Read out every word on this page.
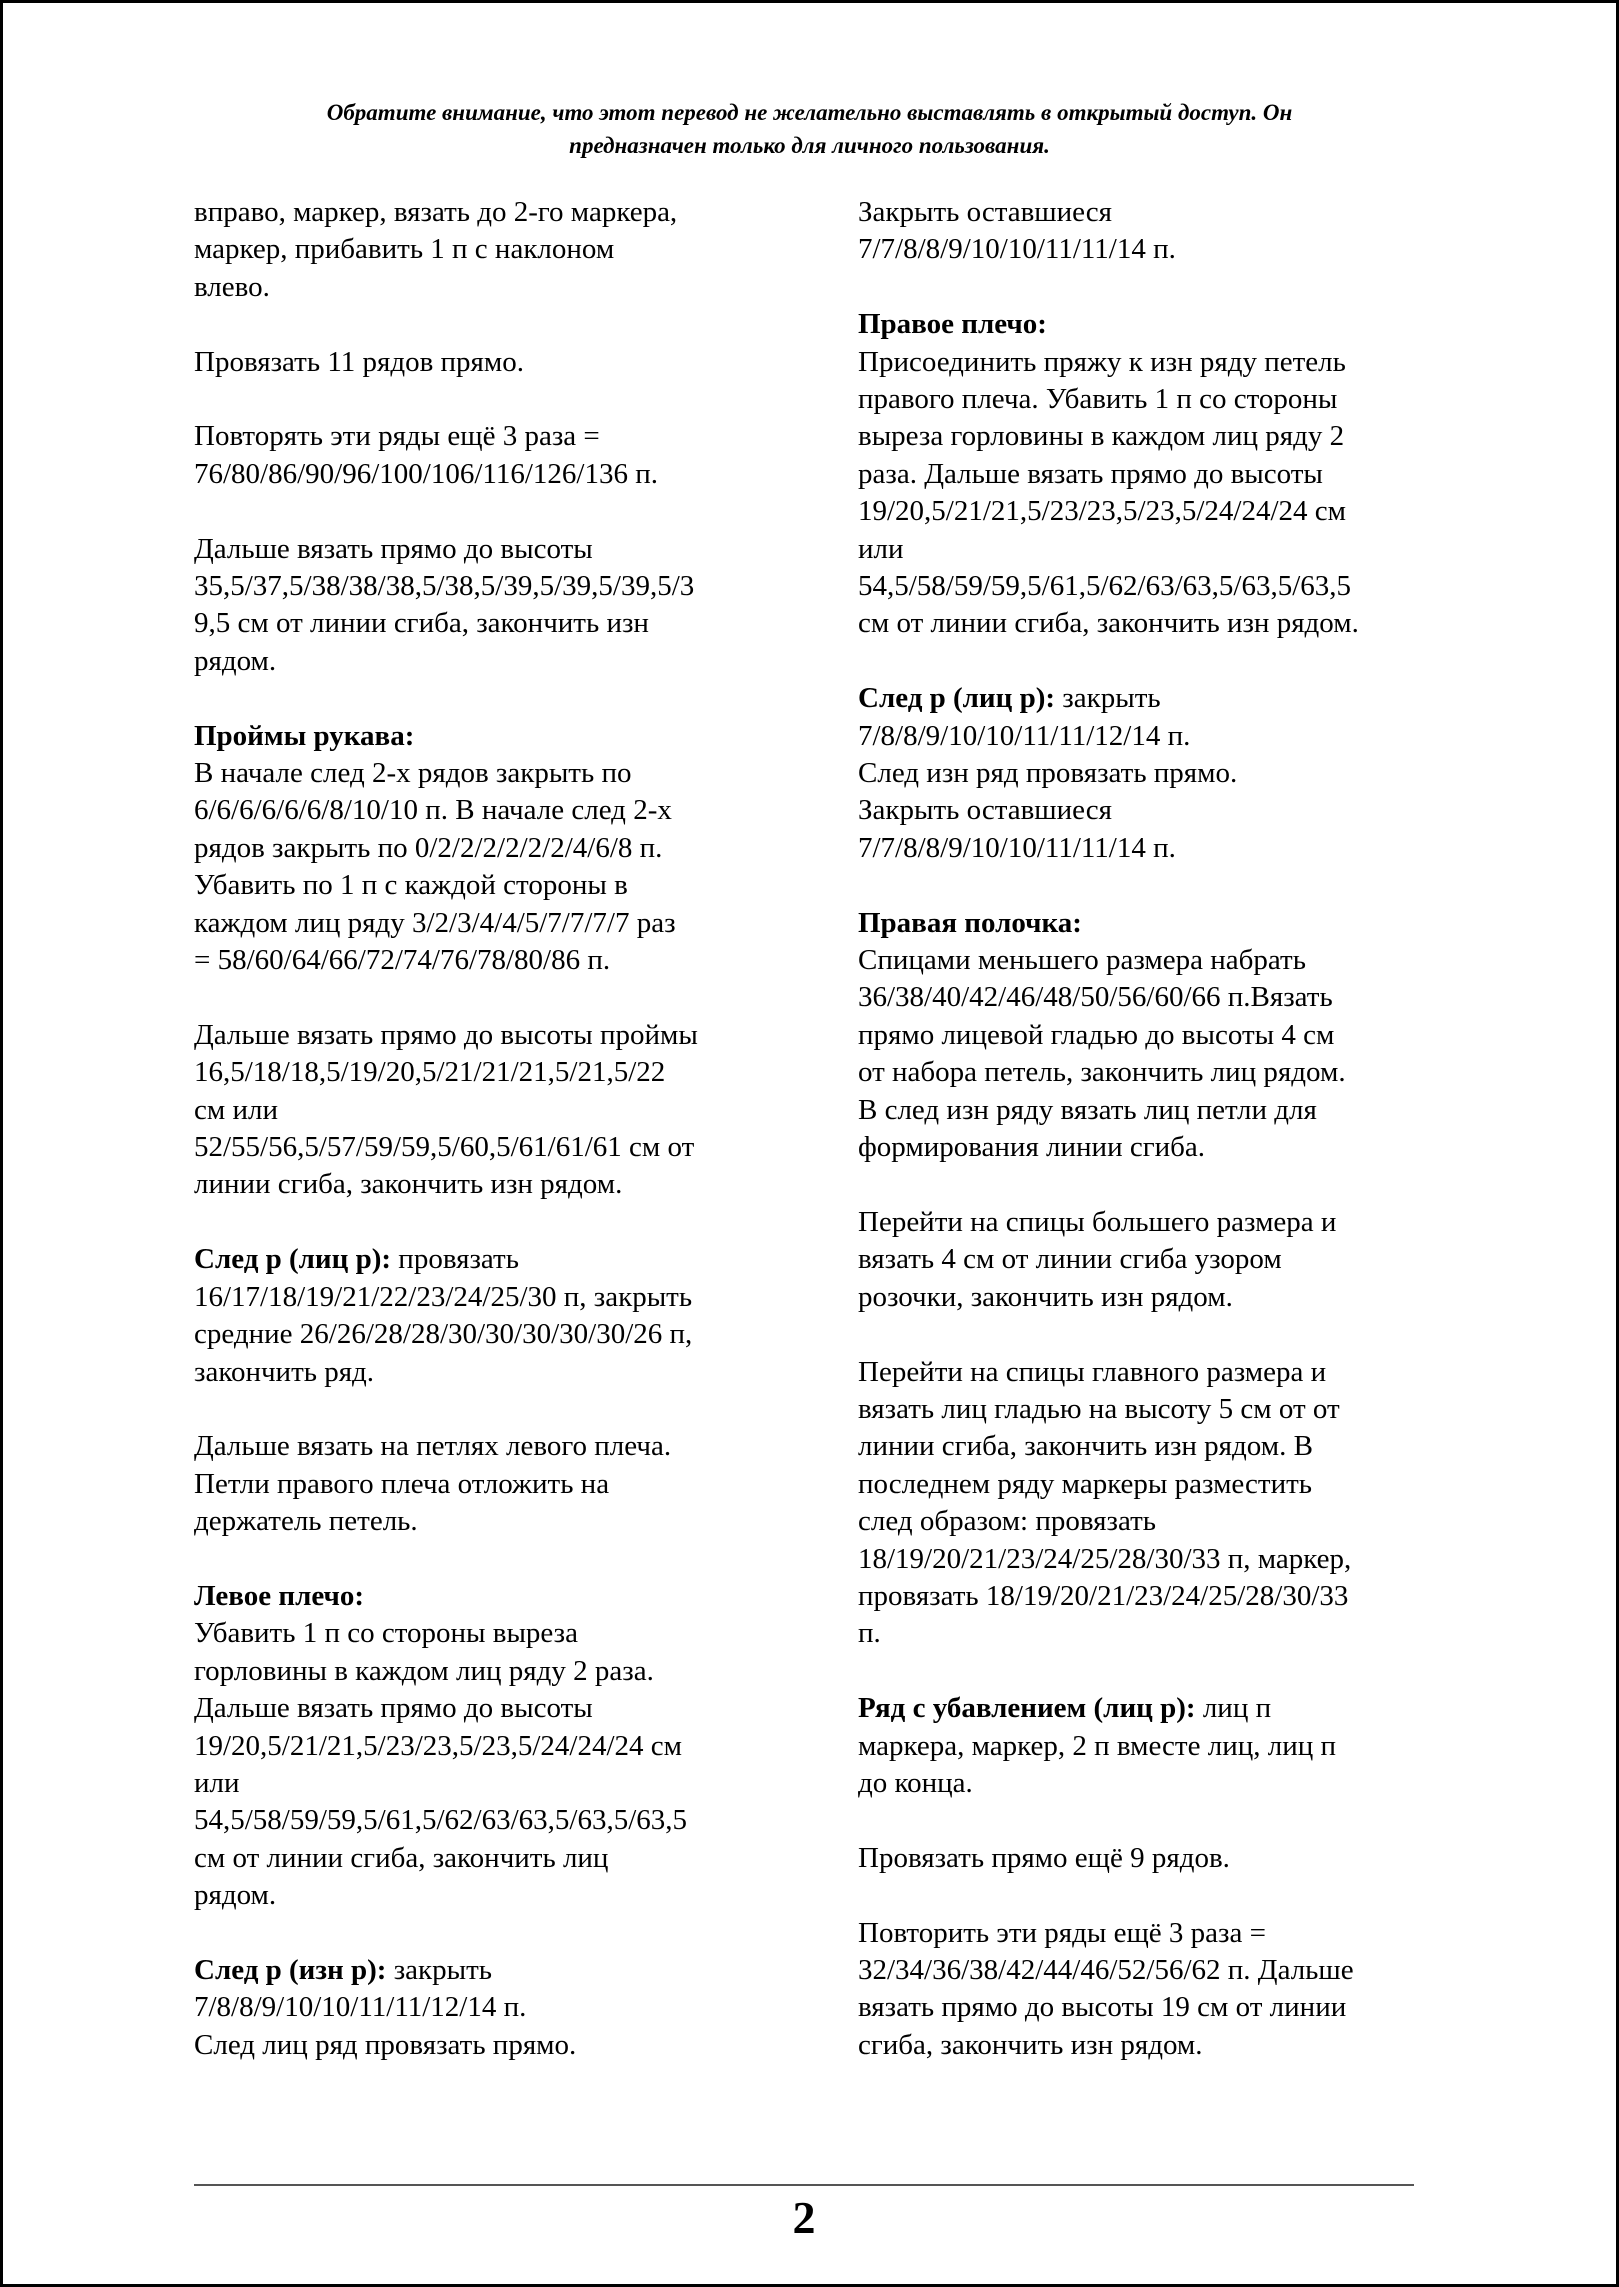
Обратите внимание, что этот перевод не желательно выставлять в открытый доступ. Он
предназначен только для личного пользования.
вправо, маркер, вязать до 2-го маркера,
маркер, прибавить 1 п с наклоном
влево.
Провязать 11 рядов прямо.
Повторять эти ряды ещё 3 раза =
76/80/86/90/96/100/106/116/126/136 п.
Дальше вязать прямо до высоты
35,5/37,5/38/38/38,5/38,5/39,5/39,5/39,5/3
9,5 см от линии сгиба, закончить изн
рядом.
Проймы рукава:
В начале след 2-х рядов закрыть по
6/6/6/6/6/6/8/10/10 п. В начале след 2-х
рядов закрыть по 0/2/2/2/2/2/2/4/6/8 п.
Убавить по 1 п с каждой стороны в
каждом лиц ряду 3/2/3/4/4/5/7/7/7/7 раз
= 58/60/64/66/72/74/76/78/80/86 п.
Дальше вязать прямо до высоты проймы
16,5/18/18,5/19/20,5/21/21/21,5/21,5/22
см или
52/55/56,5/57/59/59,5/60,5/61/61/61 см от
линии сгиба, закончить изн рядом.
След р (лиц р): провязать
16/17/18/19/21/22/23/24/25/30 п, закрыть
средние 26/26/28/28/30/30/30/30/30/26 п,
закончить ряд.
Дальше вязать на петлях левого плеча.
Петли правого плеча отложить на
держатель петель.
Левое плечо:
Убавить 1 п со стороны выреза
горловины в каждом лиц ряду 2 раза.
Дальше вязать прямо до высоты
19/20,5/21/21,5/23/23,5/23,5/24/24/24 см
или
54,5/58/59/59,5/61,5/62/63/63,5/63,5/63,5
см от линии сгиба, закончить лиц
рядом.
След р (изн р): закрыть
7/8/8/9/10/10/11/11/12/14 п.
След лиц ряд провязать прямо.
Закрыть оставшиеся
7/7/8/8/9/10/10/11/11/14 п.
Правое плечо:
Присоединить пряжу к изн ряду петель
правого плеча. Убавить 1 п со стороны
выреза горловины в каждом лиц ряду 2
раза. Дальше вязать прямо до высоты
19/20,5/21/21,5/23/23,5/23,5/24/24/24 см
или
54,5/58/59/59,5/61,5/62/63/63,5/63,5/63,5
см от линии сгиба, закончить изн рядом.
След р (лиц р): закрыть
7/8/8/9/10/10/11/11/12/14 п.
След изн ряд провязать прямо.
Закрыть оставшиеся
7/7/8/8/9/10/10/11/11/14 п.
Правая полочка:
Спицами меньшего размера набрать
36/38/40/42/46/48/50/56/60/66 п.Вязать
прямо лицевой гладью до высоты 4 см
от набора петель, закончить лиц рядом.
В след изн ряду вязать лиц петли для
формирования линии сгиба.
Перейти на спицы большего размера и
вязать 4 см от линии сгиба узором
розочки, закончить изн рядом.
Перейти на спицы главного размера и
вязать лиц гладью на высоту 5 см от от
линии сгиба, закончить изн рядом. В
последнем ряду маркеры разместить
след образом: провязать
18/19/20/21/23/24/25/28/30/33 п, маркер,
провязать 18/19/20/21/23/24/25/28/30/33
п.
Ряд с убавлением (лиц р): лиц п
маркера, маркер, 2 п вместе лиц, лиц п
до конца.
Провязать прямо ещё 9 рядов.
Повторить эти ряды ещё 3 раза =
32/34/36/38/42/44/46/52/56/62 п. Дальше
вязать прямо до высоты 19 см от линии
сгиба, закончить изн рядом.
2
